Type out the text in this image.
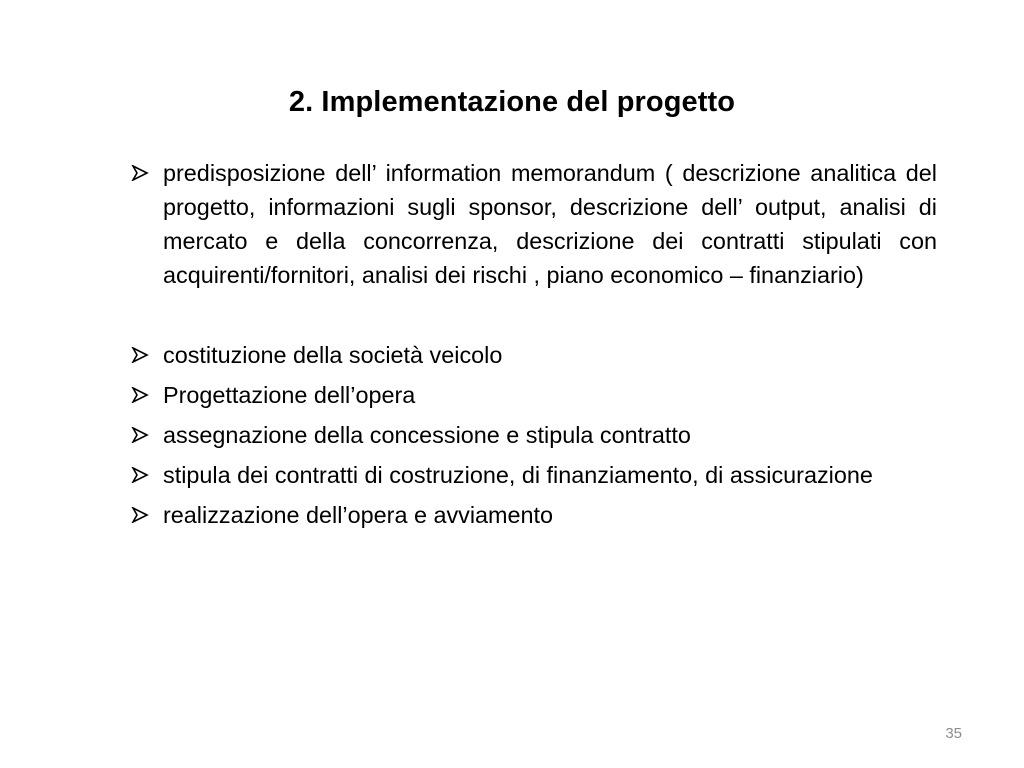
2. Implementazione del progetto
predisposizione dell’ information memorandum ( descrizione analitica del progetto, informazioni sugli sponsor, descrizione dell’ output, analisi di mercato e della concorrenza, descrizione dei contratti stipulati con acquirenti/fornitori, analisi dei rischi , piano economico – finanziario)
costituzione della società veicolo
Progettazione dell’opera
assegnazione della concessione e stipula contratto
stipula dei contratti di costruzione, di finanziamento, di assicurazione
realizzazione dell’opera e avviamento
35
